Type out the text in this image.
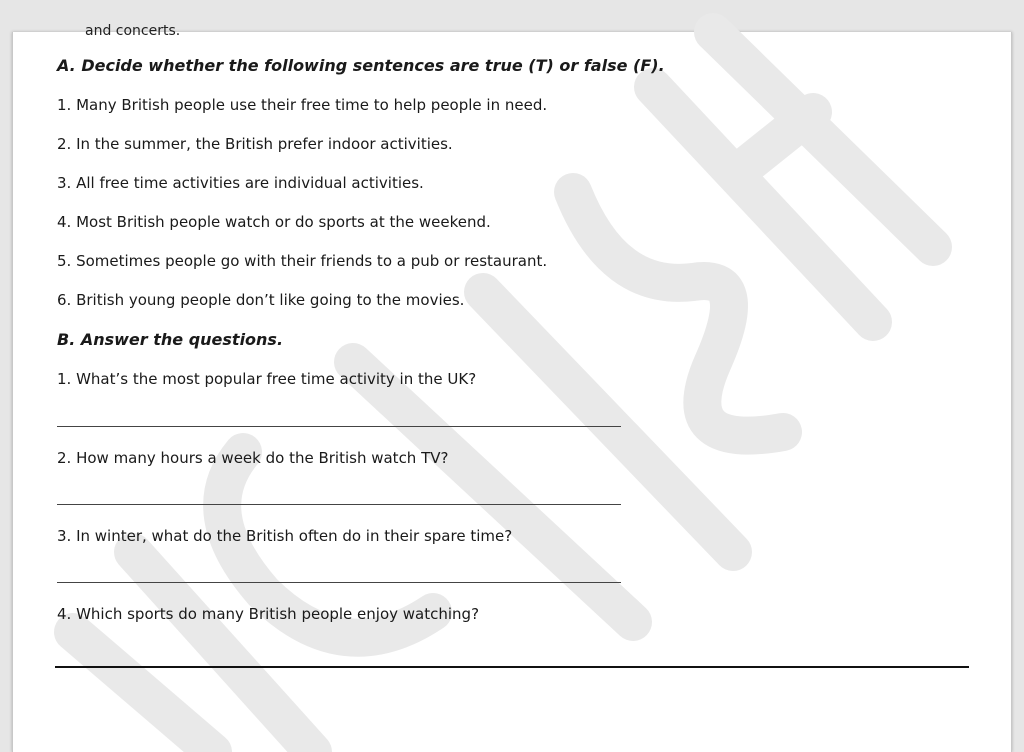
and concerts.
A. Decide whether the following sentences are true (T) or false (F).
1. Many British people use their free time to help people in need.
2. In the summer, the British prefer indoor activities.
3. All free time activities are individual activities.
4. Most British people watch or do sports at the weekend.
5. Sometimes people go with their friends to a pub or restaurant.
6. British young people don’t like going to the movies.
B. Answer the questions.
1. What’s the most popular free time activity in the UK?
2. How many hours a week do the British watch TV?
3. In winter, what do the British often do in their spare time?
4. Which sports do many British people enjoy watching?
